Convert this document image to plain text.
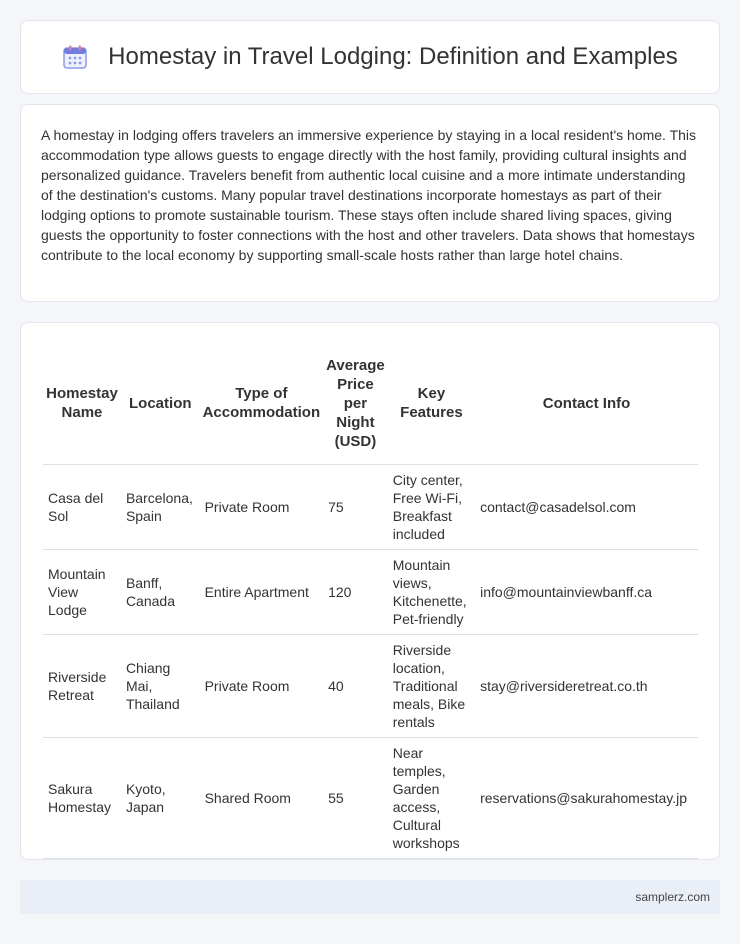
Homestay in Travel Lodging: Definition and Examples

A homestay in lodging offers travelers an immersive experience by staying in a local resident's home. This accommodation type allows guests to engage directly with the host family, providing cultural insights and personalized guidance. Travelers benefit from authentic local cuisine and a more intimate understanding of the destination's customs. Many popular travel destinations incorporate homestays as part of their lodging options to promote sustainable tourism. These stays often include shared living spaces, giving guests the opportunity to foster connections with the host and other travelers. Data shows that homestays contribute to the local economy by supporting small-scale hosts rather than large hotel chains.

Homestay Name	Location	Type of Accommodation	Average Price per Night (USD)	Key Features	Contact Info
Casa del Sol	Barcelona, Spain	Private Room	75	City center, Free Wi-Fi, Breakfast included	contact@casadelsol.com
Mountain View Lodge	Banff, Canada	Entire Apartment	120	Mountain views, Kitchenette, Pet-friendly	info@mountainviewbanff.ca
Riverside Retreat	Chiang Mai, Thailand	Private Room	40	Riverside location, Traditional meals, Bike rentals	stay@riversideretreat.co.th
Sakura Homestay	Kyoto, Japan	Shared Room	55	Near temples, Garden access, Cultural workshops	reservations@sakurahomestay.jp
samplerz.com
